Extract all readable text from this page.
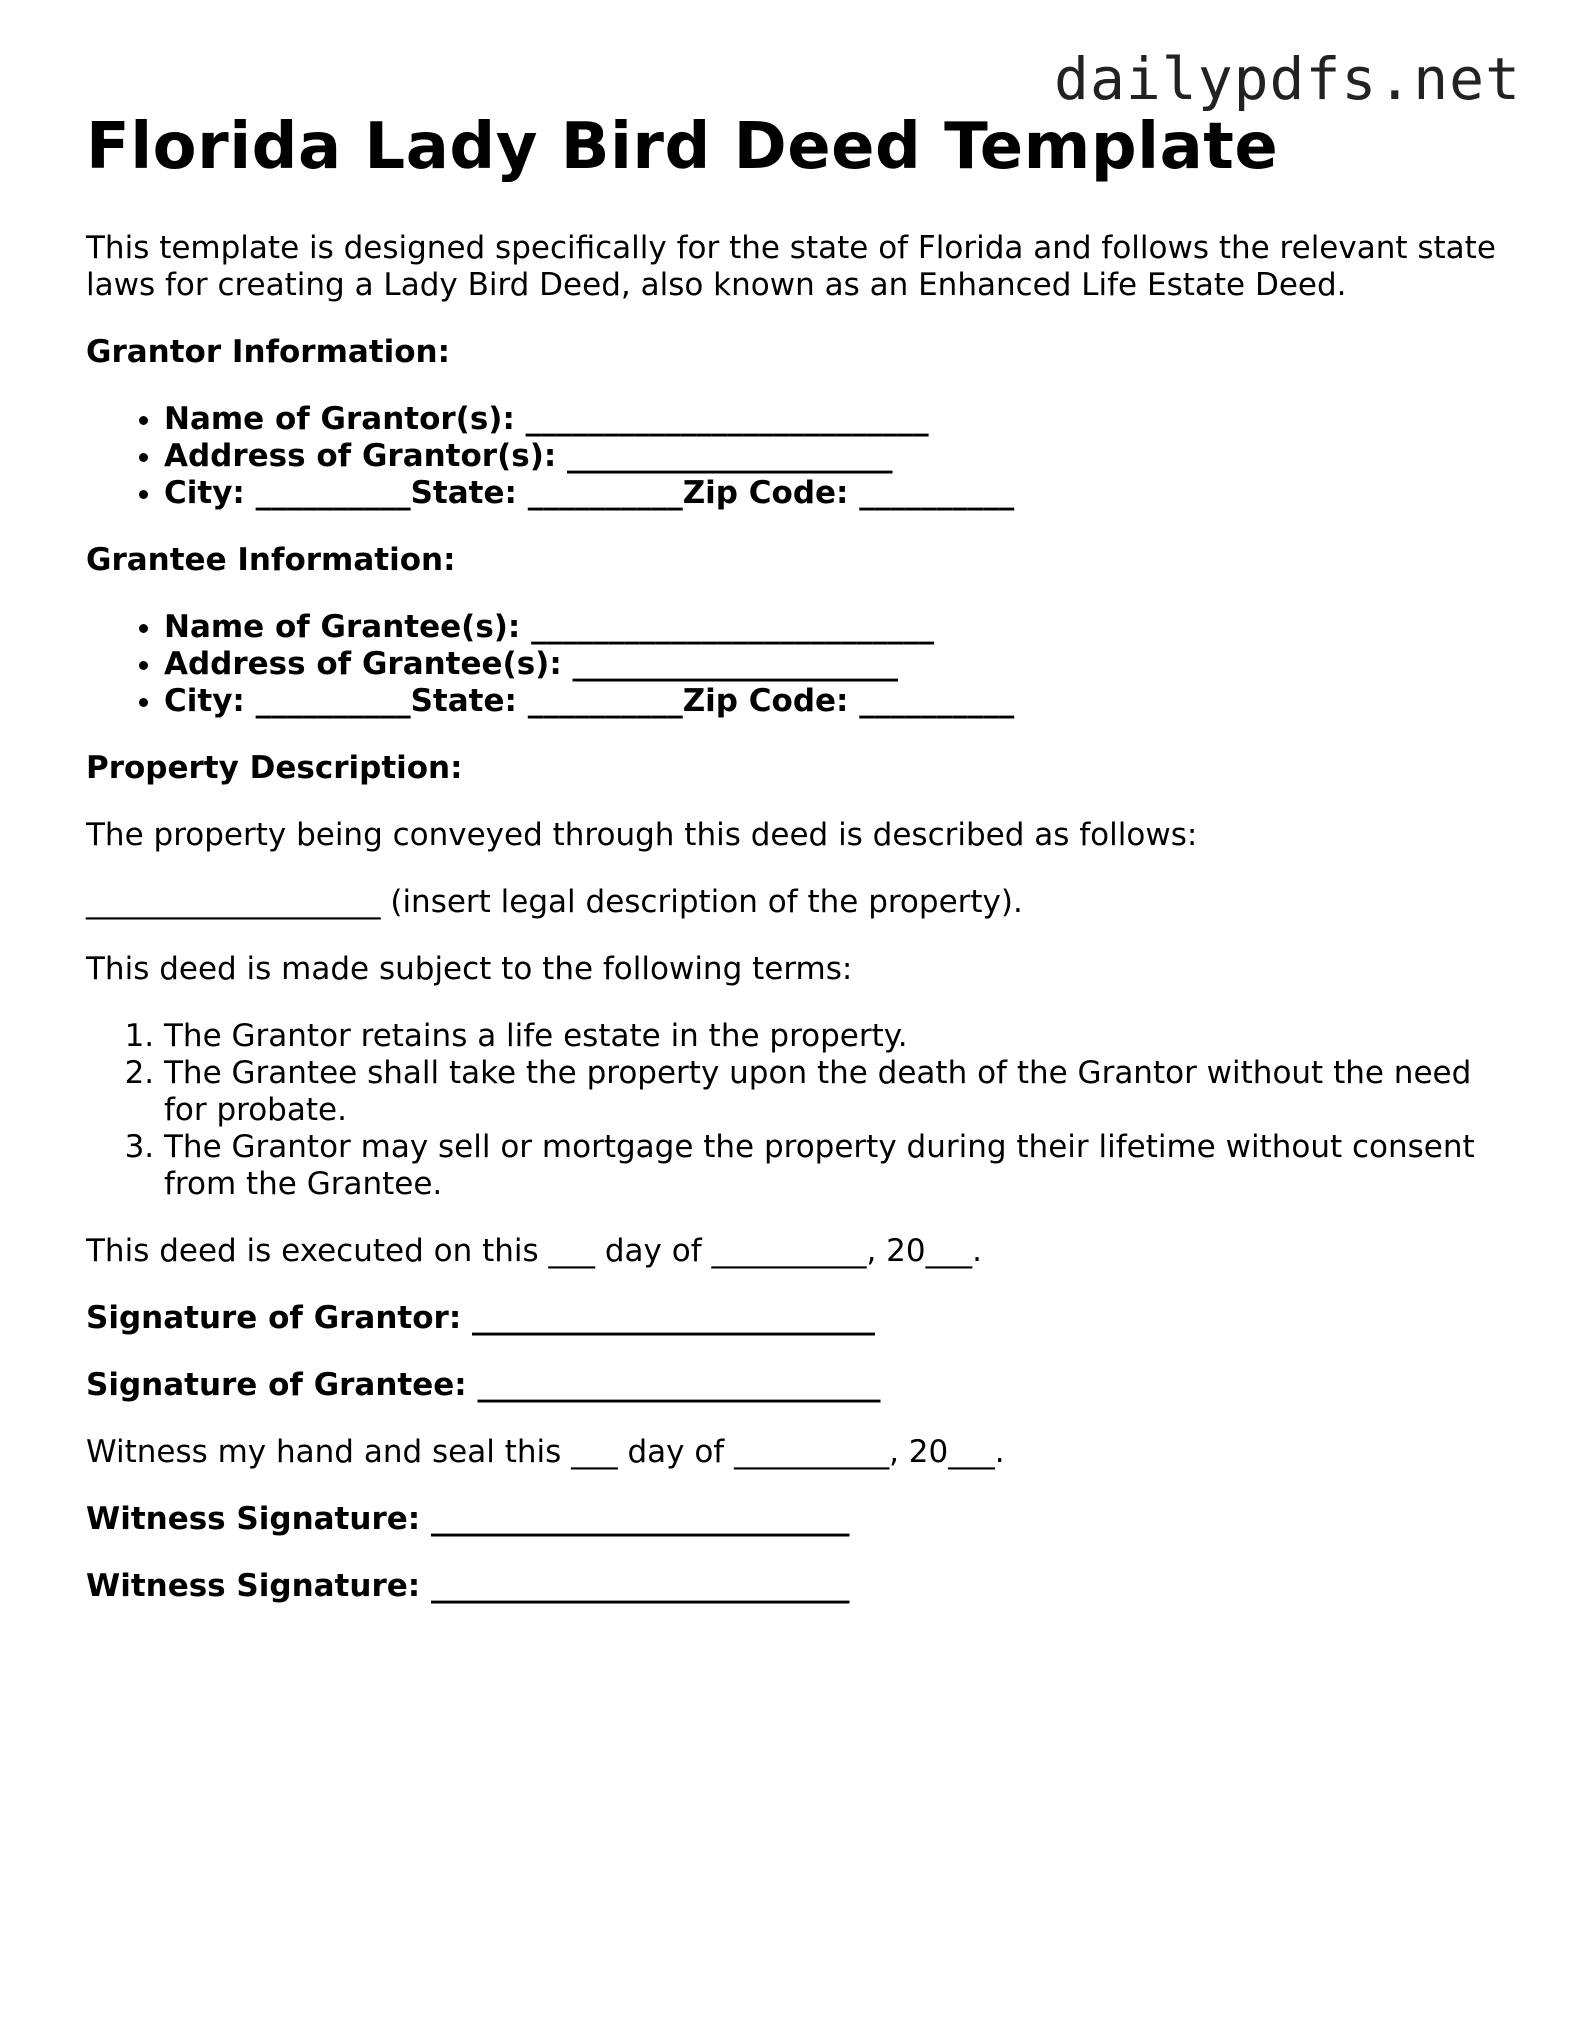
dailypdfs.net
Florida Lady Bird Deed Template

This template is designed specifically for the state of Florida and follows the relevant state laws for creating a Lady Bird Deed, also known as an Enhanced Life Estate Deed.

Grantor Information:
• Name of Grantor(s): __________________________
• Address of Grantor(s): _____________________
• City: __________State: __________Zip Code: __________
Grantee Information:
• Name of Grantee(s): __________________________
• Address of Grantee(s): _____________________
• City: __________State: __________Zip Code: __________
Property Description:

The property being conveyed through this deed is described as follows:

___________________ (insert legal description of the property).

This deed is made subject to the following terms:

1. The Grantor retains a life estate in the property.
2. The Grantee shall take the property upon the death of the Grantor without the need for probate.
3. The Grantor may sell or mortgage the property during their lifetime without consent from the Grantee.

This deed is executed on this ___ day of __________, 20___.

Signature of Grantor: __________________________

Signature of Grantee: __________________________

Witness my hand and seal this ___ day of __________, 20___.

Witness Signature: ___________________________

Witness Signature: ___________________________
